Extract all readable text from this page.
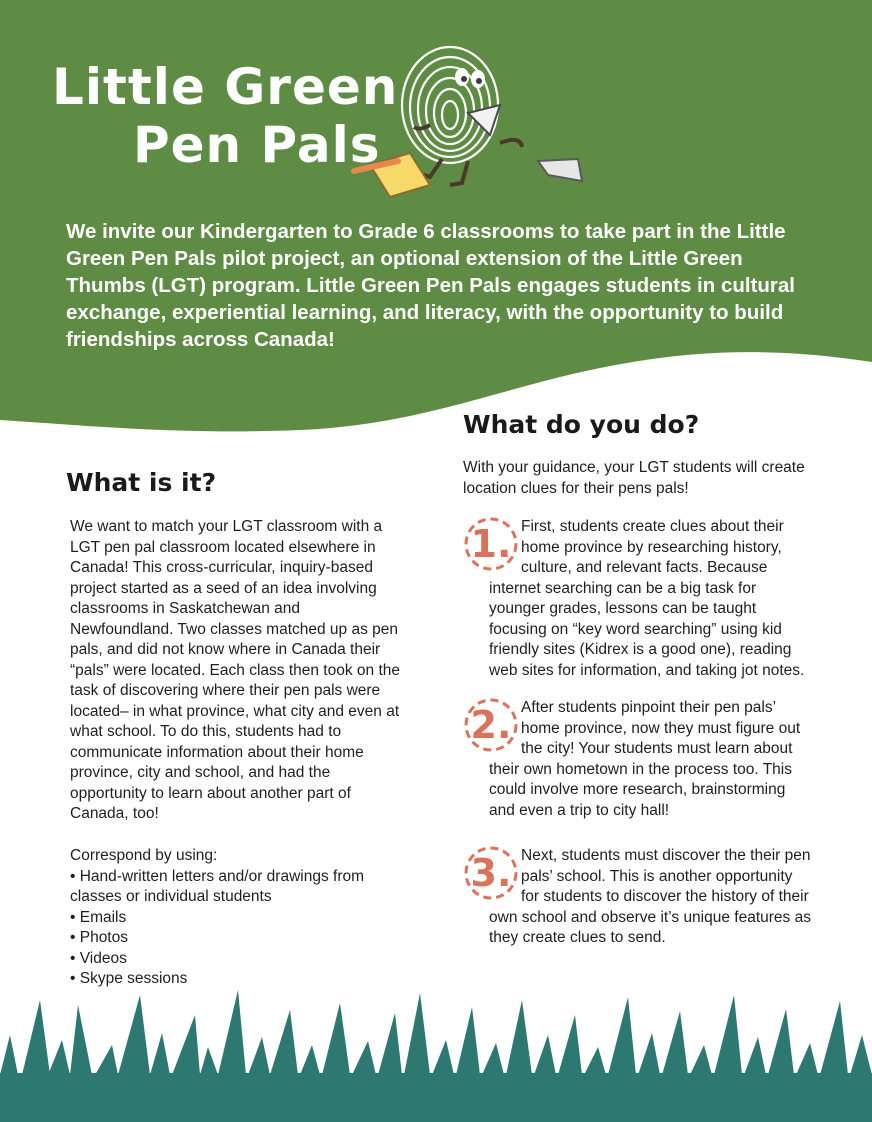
Little Green
Pen Pals
We invite our Kindergarten to Grade 6 classrooms to take part in the Little Green Pen Pals pilot project, an optional extension of the Little Green Thumbs (LGT) program. Little Green Pen Pals engages students in cultural exchange, experiential learning, and literacy, with the opportunity to build friendships across Canada!
What is it?
We want to match your LGT classroom with a LGT pen pal classroom located elsewhere in Canada! This cross-curricular, inquiry-based project started as a seed of an idea involving classrooms in Saskatchewan and Newfoundland. Two classes matched up as pen pals, and did not know where in Canada their “pals” were located. Each class then took on the task of discovering where their pen pals were located– in what province, what city and even at what school. To do this, students had to communicate information about their home province, city and school, and had the opportunity to learn about another part of Canada, too!
Correspond by using:
• Hand-written letters and/or drawings from classes or individual students
• Emails
• Photos
• Videos
• Skype sessions
What do you do?
With your guidance, your LGT students will create location clues for their pens pals!
1. First, students create clues about their home province by researching history, culture, and relevant facts. Because internet searching can be a big task for younger grades, lessons can be taught focusing on “key word searching” using kid friendly sites (Kidrex is a good one), reading web sites for information, and taking jot notes.
2. After students pinpoint their pen pals’ home province, now they must figure out the city! Your students must learn about their own hometown in the process too. This could involve more research, brainstorming and even a trip to city hall!
3. Next, students must discover the their pen pals’ school. This is another opportunity for students to discover the history of their own school and observe it’s unique features as they create clues to send.
